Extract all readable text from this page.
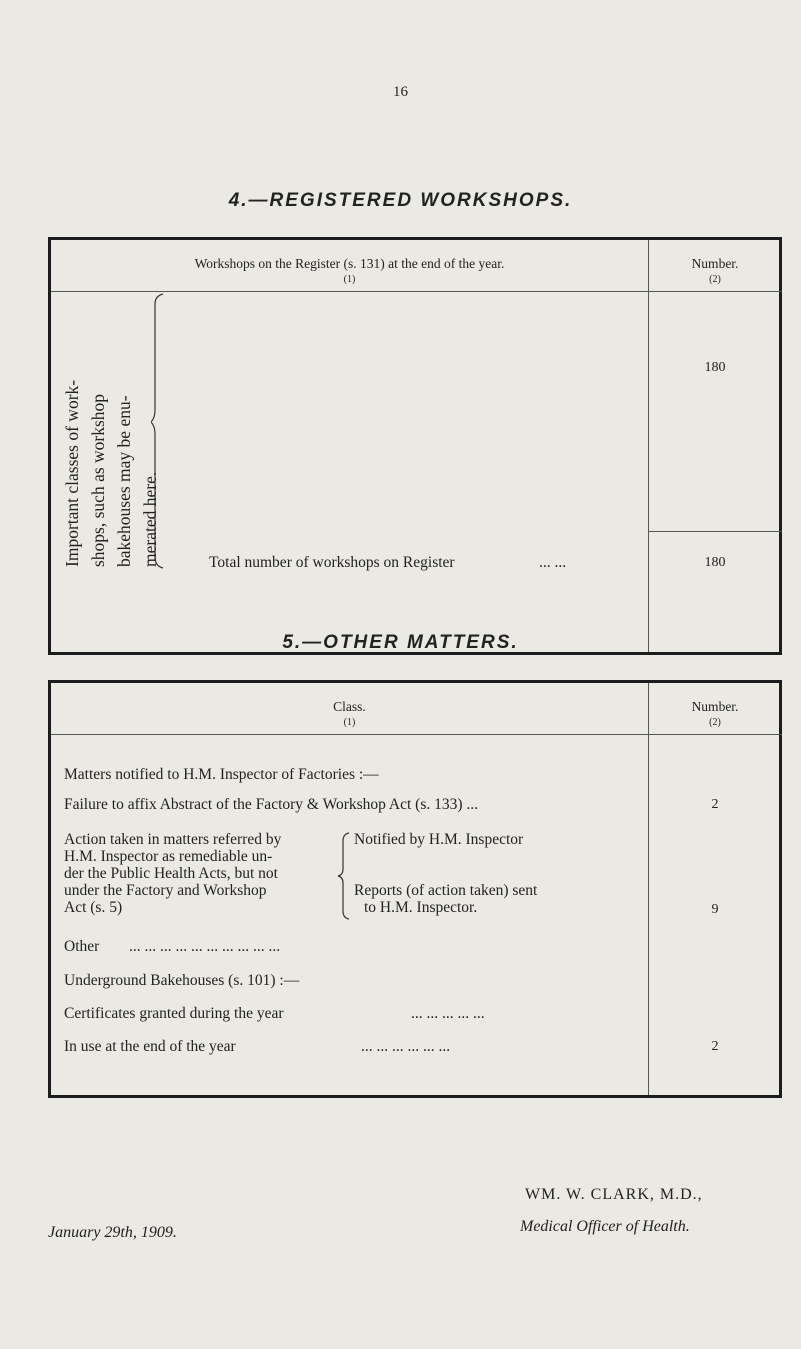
16
4.—REGISTERED WORKSHOPS.
Workshops on the Register (s. 131) at the end of the year.
(1)
Number.
(2)
Important classes of work- shops, such as workshop bakehouses may be enu- merated here.
180
Total number of workshops on Register	... ...	180
5.—OTHER MATTERS.
Class.
(1)
Number.
(2)
Matters notified to H.M. Inspector of Factories :—
Failure to affix Abstract of the Factory & Workshop Act (s. 133) ...	2
Action taken in matters referred by
H.M. Inspector as remediable un-
der the Public Health Acts, but not
under the Factory and Workshop
Act (s. 5)
Notified by H.M. Inspector
Reports (of action taken) sent
to H.M. Inspector.	9
Other ... ... ... ... ... ... ... ... ... ...
Underground Bakehouses (s. 101) :—
Certificates granted during the year	... ... ... ... ...
In use at the end of the year	... ... ... ... ... ...	2
WM. W. CLARK, M.D.,
Medical Officer of Health.
January 29th, 1909.
